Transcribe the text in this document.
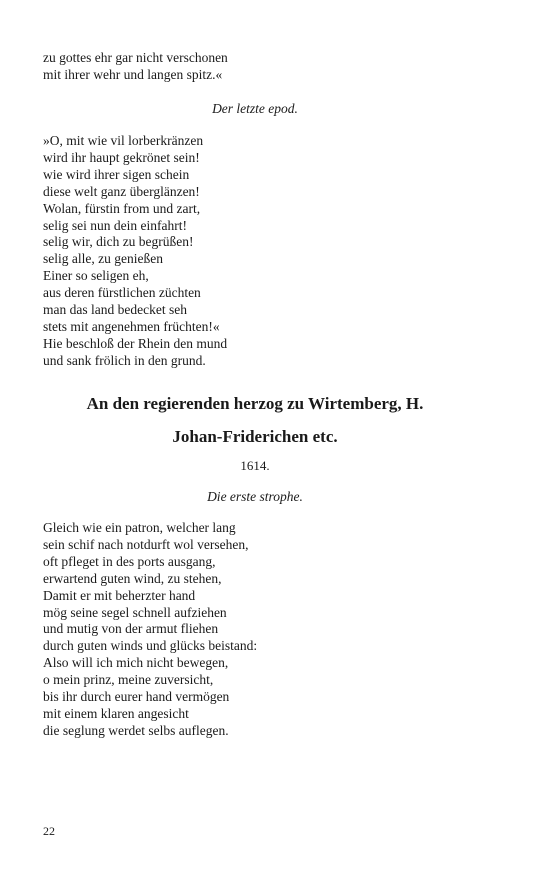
zu gottes ehr gar nicht verschonen
mit ihrer wehr und langen spitz.«
Der letzte epod.
»O, mit wie vil lorberkränzen
wird ihr haupt gekrönet sein!
wie wird ihrer sigen schein
diese welt ganz überglänzen!
Wolan, fürstin from und zart,
selig sei nun dein einfahrt!
selig wir, dich zu begrüßen!
selig alle, zu genießen
Einer so seligen eh,
aus deren fürstlichen züchten
man das land bedecket seh
stets mit angenehmen früchten!«
Hie beschloß der Rhein den mund
und sank frölich in den grund.
An den regierenden herzog zu Wirtemberg, H.
Johan-Friderichen etc.
1614.
Die erste strophe.
Gleich wie ein patron, welcher lang
sein schif nach notdurft wol versehen,
oft pfleget in des ports ausgang,
erwartend guten wind, zu stehen,
Damit er mit beherzter hand
mög seine segel schnell aufziehen
und mutig von der armut fliehen
durch guten winds und glücks beistand:
Also will ich mich nicht bewegen,
o mein prinz, meine zuversicht,
bis ihr durch eurer hand vermögen
mit einem klaren angesicht
die seglung werdet selbs auflegen.
22
